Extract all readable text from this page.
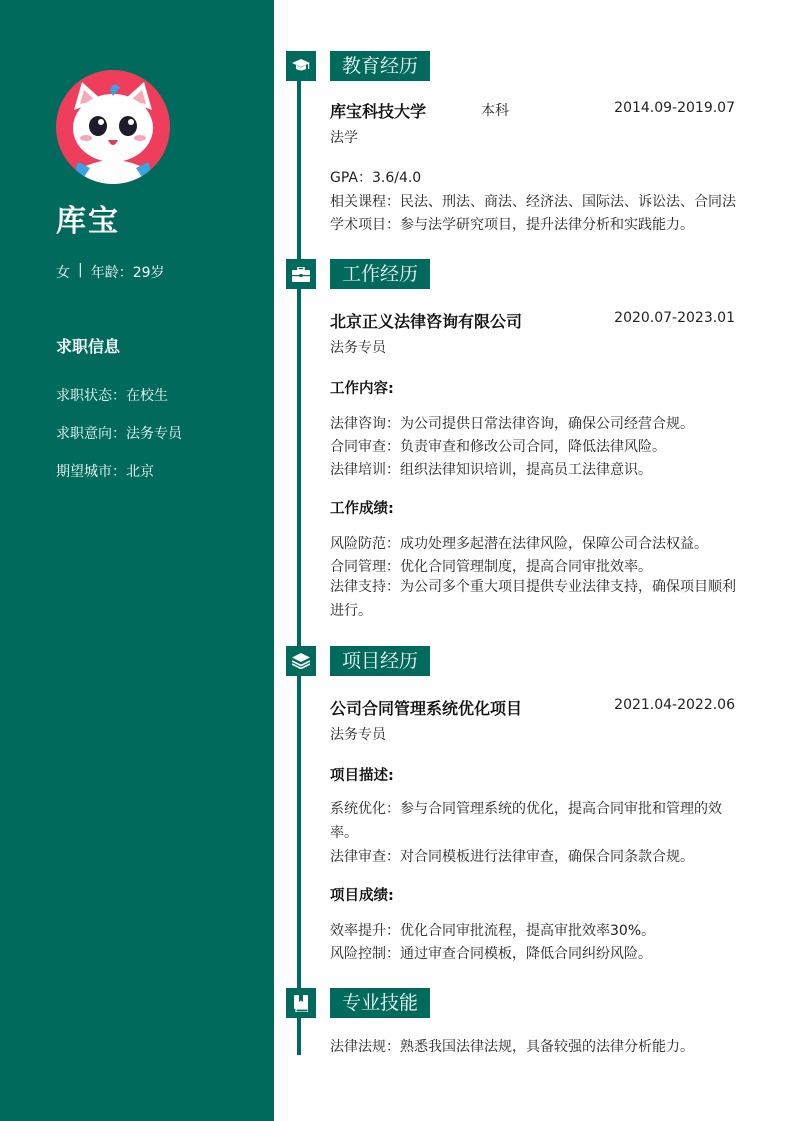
库宝
女 | 年龄：29岁
求职信息
求职状态： 在校生
求职意向： 法务专员
期望城市： 北京
教育经历
库宝科技大学	本科	2014.09-2019.07
法学
GPA：3.6/4.0
相关课程：民法、刑法、商法、经济法、国际法、诉讼法、合同法
学术项目：参与法学研究项目，提升法律分析和实践能力。
工作经历
北京正义法律咨询有限公司	2020.07-2023.01
法务专员
工作内容:
法律咨询：为公司提供日常法律咨询，确保公司经营合规。
合同审查：负责审查和修改公司合同，降低法律风险。
法律培训：组织法律知识培训，提高员工法律意识。
工作成绩:
风险防范：成功处理多起潜在法律风险，保障公司合法权益。
合同管理：优化合同管理制度，提高合同审批效率。
法律支持：为公司多个重大项目提供专业法律支持，确保项目顺利进行。
项目经历
公司合同管理系统优化项目	2021.04-2022.06
法务专员
项目描述:
系统优化：参与合同管理系统的优化，提高合同审批和管理的效率。
法律审查：对合同模板进行法律审查，确保合同条款合规。
项目成绩:
效率提升：优化合同审批流程，提高审批效率30%。
风险控制：通过审查合同模板，降低合同纠纷风险。
专业技能
法律法规：熟悉我国法律法规，具备较强的法律分析能力。
